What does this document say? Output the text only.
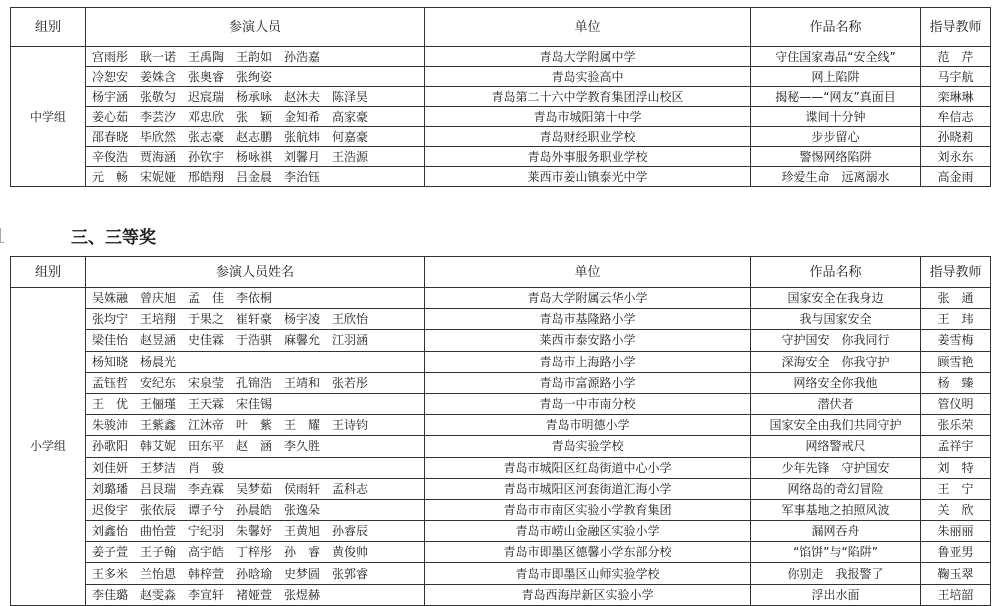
组别	参演人员	单位	作品名称	指导教师
中学组	宫雨彤　耿一诺　王禹陶　王韵如　孙浩嘉	青岛大学附属中学	守住国家毒品“安全线”	范　芹
	冷恕安　姜姝含　张奥睿　张绚姿	青岛实验高中	网上陷阱	马宇航
	杨宇涵　张敬匀　迟宸瑞　杨承咏　赵沐夫　陈泽昊	青岛第二十六中学教育集团浮山校区	揭秘——“网友”真面目	栾琳琳
	姜心茹　李芸汐　邓忠欣　张　颖　金知希　高家豪	青岛市城阳第十中学	谍间十分钟	牟信志
	邵春晓　毕欣然　张志豪　赵志鹏　张航炜　何嘉豪	青岛财经职业学校	步步留心	孙晓莉
	辛俊浩　贾海涵　孙钦宇　杨咏祺　刘馨月　王浩源	青岛外事服务职业学校	警惕网络陷阱	刘永东
	元　畅　宋妮娅　邢皓翔　吕金晨　李治钰	莱西市姜山镇泰光中学	珍爱生命　远离溺水	高金雨
三、三等奖
组别	参演人员姓名	单位	作品名称	指导教师
小学组	吴姝融　曾庆旭　孟　佳　李依桐	青岛大学附属云华小学	国家安全在我身边	张　通
	张均宁　王培翔　于果之　崔轩豪　杨宇凌　王欣怡	青岛市基隆路小学	我与国家安全	王　玮
	梁佳怡　赵昱涵　史佳霖　于浩骐　麻馨允　江羽涵	莱西市泰安路小学	守护国安　你我同行	姜雪梅
	杨知晓　杨晨光	青岛市上海路小学	深海安全　你我守护	顾雪艳
	孟钰哲　安纪东　宋泉莹　孔锦浩　王靖和　张若彤	青岛市富源路小学	网络安全你我他	杨　臻
	王　优　王俪瑾　王天霖　宋佳锡	青岛一中市南分校	潜伏者	管仪明
	朱骏沛　王紫鑫　江沐帝　叶　紫　王　耀　王诗钧	青岛市明德小学	国家安全由我们共同守护	张乐荣
	孙歌阳　韩艾妮　田东平　赵　涵　李久胜	青岛实验学校	网络警戒尺	孟祥宇
	刘佳妍　王梦洁　肖　骏	青岛市城阳区红岛街道中心小学	少年先锋　守护国安	刘　特
	刘璐璠　吕艮瑞　李垚霖　吴梦茹　侯雨轩　孟科志	青岛市城阳区河套街道汇海小学	网络岛的奇幻冒险	王　宁
	迟俊宇　张依辰　谭子兮　孙晨皓　张逸朵	青岛市市南区实验小学教育集团	军事基地之拍照风波	关　欣
	刘鑫怡　曲怡萱　宁纪羽　朱馨妤　王黄旭　孙睿辰	青岛市崂山金融区实验小学	漏网吞舟	朱丽丽
	姜子萱　王子翰　高宇皓　丁梓彤　孙　睿　黄俊帅	青岛市即墨区德馨小学东部分校	“馅饼”与“陷阱”	鲁亚男
	王多米　兰怡恩　韩梓萱　孙晗瑜　史梦圆　张郭睿	青岛市即墨区山师实验学校	你别走　我报警了	鞠玉翠
	李佳璐　赵雯淼　李宣轩　褚娅萱　张煜赫	青岛西海岸新区实验小学	浮出水面	王培韶
